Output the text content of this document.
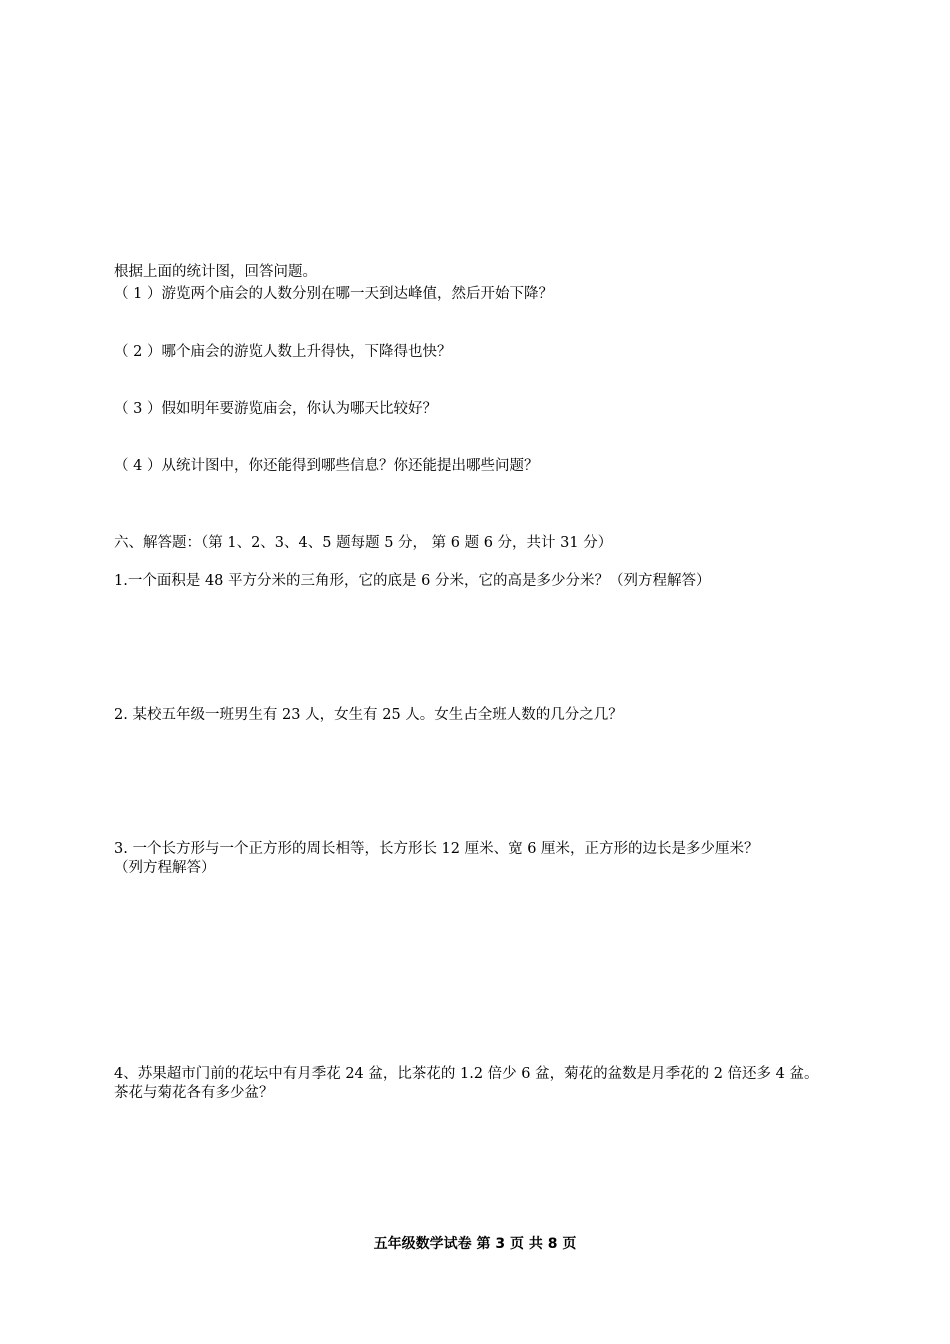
根据上面的统计图，回答问题。
（ 1 ）游览两个庙会的人数分别在哪一天到达峰值，然后开始下降？
（ 2 ）哪个庙会的游览人数上升得快，下降得也快？
（ 3 ）假如明年要游览庙会，你认为哪天比较好？
（ 4 ）从统计图中，你还能得到哪些信息？你还能提出哪些问题？
六、解答题：（第 1、2、3、4、5 题每题 5 分， 第 6 题 6 分，共计 31 分）
1.一个面积是 48 平方分米的三角形，它的底是 6 分米，它的高是多少分米？（列方程解答）
2. 某校五年级一班男生有 23 人，女生有 25 人。女生占全班人数的几分之几？
3. 一个长方形与一个正方形的周长相等，长方形长 12 厘米、宽 6 厘米，正方形的边长是多少厘米？
（列方程解答）
4、苏果超市门前的花坛中有月季花 24 盆，比茶花的 1.2 倍少 6 盆，菊花的盆数是月季花的 2 倍还多 4 盆。
茶花与菊花各有多少盆？
五年级数学试卷 第 3 页 共 8 页
